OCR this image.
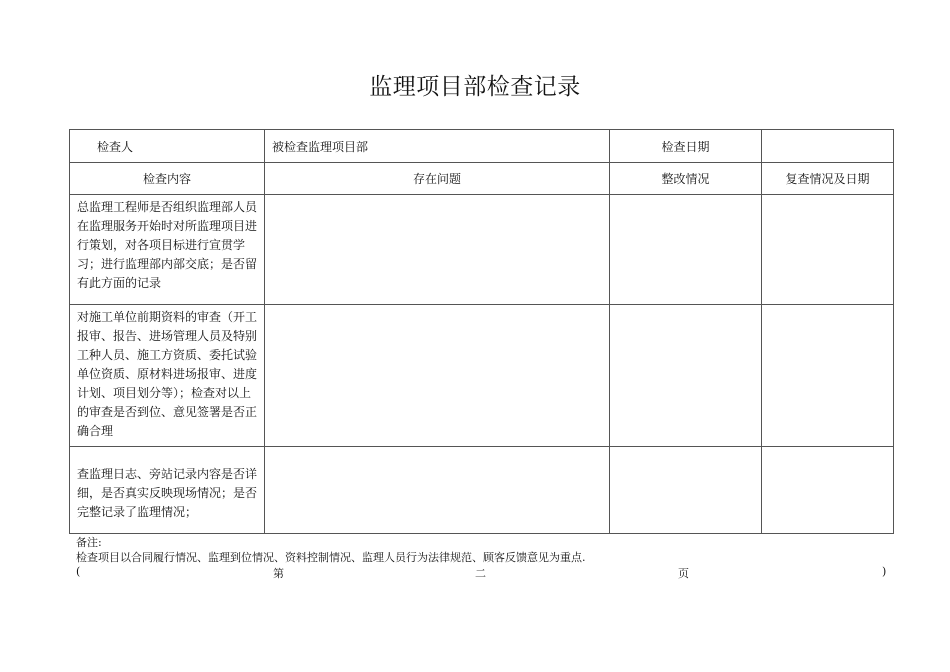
监理项目部检查记录
检查人	被检查监理项目部	检查日期	
检查内容	存在问题	整改情况	复查情况及日期
总监理工程师是否组织监理部人员在监理服务开始时对所监理项目进行策划，对各项目标进行宣贯学习；进行监理部内部交底；是否留有此方面的记录			
对施工单位前期资料的审查（开工报审、报告、进场管理人员及特别工种人员、施工方资质、委托试验单位资质、原材料进场报审、进度计划、项目划分等）；检查对以上的审查是否到位、意见签署是否正确合理			
查监理日志、旁站记录内容是否详细，是否真实反映现场情况；是否完整记录了监理情况；			
备注:
检查项目以合同履行情况、监理到位情况、资料控制情况、监理人员行为法律规范、顾客反馈意见为重点.
(	第	二	页	)
